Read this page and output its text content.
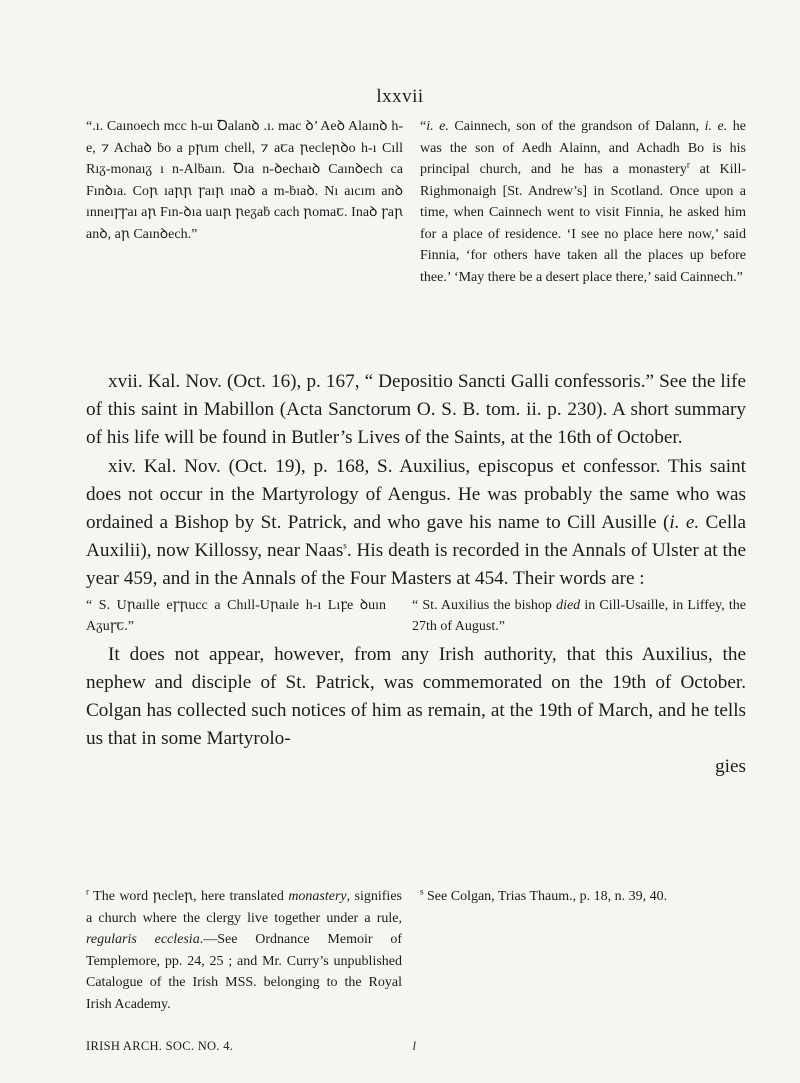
lxxvii
“.ı. Caınoech mcc h-uı Ꝺalanꝺ .ı. mac ꝺ’ Aeꝺ Alaınꝺ h-e, ⁊ Achaꝺ ḃo a pꞃım chell, ⁊ aꞇa ꞃecleꞃꝺo h-ı Cıll Rıᵹ-monaıᵹ ı n-Alḃaın. Ꝺıa n-ꝺechaıꝺ Caınꝺech ca Fınꝺıa. Coꞃ ıaꞃꞃ ꞅaıꞃ ınaꝺ a m-ḃıaꝺ. Nı aıcım anꝺ ınneıꞅꞅaı aꞃ Fın-ꝺıa uaıꞃ ꞃeᵹaḃ cach ꞃomaꞇ. Inaꝺ ꞅaꞃ anꝺ, aꞃ Caınꝺech.”
“i. e. Cainnech, son of the grandson of Dalann, i. e. he was the son of Aedh Alainn, and Achadh Bo is his principal church, and he has a monastery$^r$ at Kill-Righmonaigh [St. Andrew’s] in Scotland. Once upon a time, when Cainnech went to visit Finnia, he asked him for a place of residence. ‘I see no place here now,’ said Finnia, ‘for others have taken all the places up before thee.’ ‘May there be a desert place there,’ said Cainnech.”

xvii. Kal. Nov. (Oct. 16), p. 167, “ Depositio Sancti Galli confessoris.” See the life of this saint in Mabillon (Acta Sanctorum O. S. B. tom. ii. p. 230). A short summary of his life will be found in Butler’s Lives of the Saints, at the 16th of October.

xiv. Kal. Nov. (Oct. 19), p. 168, S. Auxilius, episcopus et confessor. This saint does not occur in the Martyrology of Aengus. He was probably the same who was ordained a Bishop by St. Patrick, and who gave his name to Cill Ausille (i. e. Cella Auxilii), now Killossy, near Naas$^s$. His death is recorded in the Annals of Ulster at the year 459, and in the Annals of the Four Masters at 454. Their words are :

“ S. Uꞃaılle eꞅꞃucc a Chıll-Uꞃaıle h-ı Lıꝼe ꝺuın Aᵹuꞅꞇ.”
“ St. Auxilius the bishop died in Cill-Usaille, in Liffey, the 27th of August.”

It does not appear, however, from any Irish authority, that this Auxilius, the nephew and disciple of St. Patrick, was commemorated on the 19th of October. Colgan has collected such notices of him as remain, at the 19th of March, and he tells us that in some Martyrolo-

gies
$^r$ The word ꞃecleꞃ, here translated monastery, signifies a church where the clergy live together under a rule, regularis ecclesia.—See Ordnance Memoir of Templemore, pp. 24, 25 ; and Mr. Curry’s unpublished Catalogue of the Irish MSS. belonging to the Royal Irish Academy.
$^s$ See Colgan, Trias Thaum., p. 18, n. 39, 40.
IRISH ARCH. SOC. NO. 4.	l
